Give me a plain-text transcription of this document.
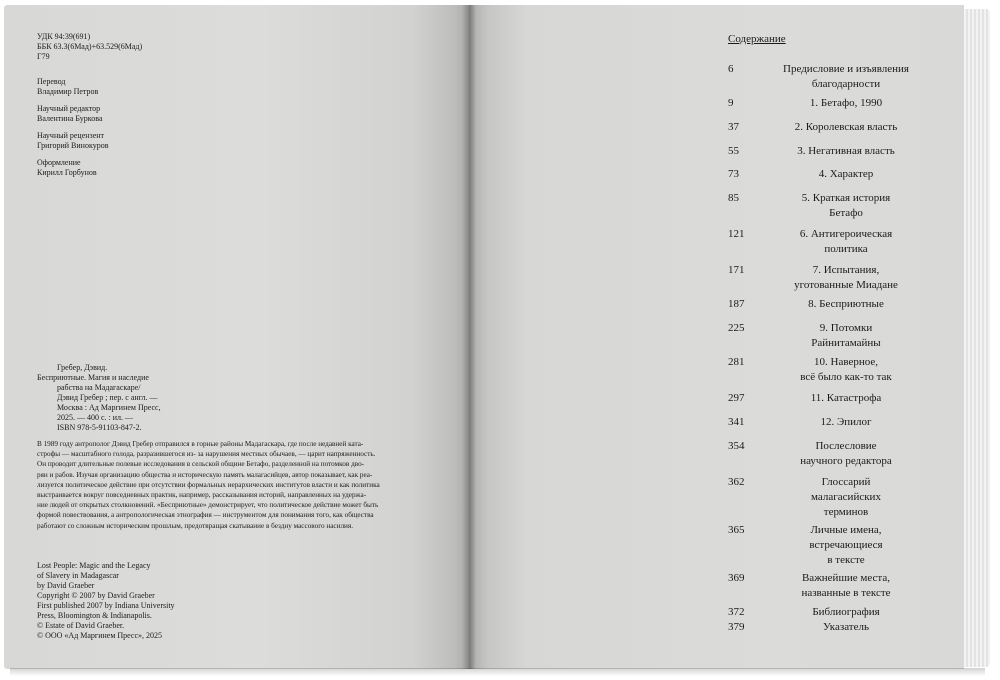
УДК 94:39(691)
ББК 63.3(6Мад)+63.529(6Мад)
Г79
Перевод
Владимир Петров
Научный редактор
Валентина Буркова
Научный рецензент
Григорий Винокуров
Оформление
Кирилл Горбунов
Гребер, Дэвид.
Бесприютные. Магия и наследие
рабства на Мадагаскаре/
Дэвид Гребер ; пер. с англ. —
Москва : Ад Маргинем Пресс,
2025. — 400 с. : ил. —
ISBN 978-5-91103-847-2.
В 1989 году антрополог Дэвид Гребер отправился в горные районы Мадагаскара, где после недавней ката-
строфы — масштабного голода, разразившегося из- за нарушения местных обычаев, — царит напряженность.
Он проводит длительные полевые исследования в сельской общине Бетафо, разделенной на потомков дво-
рян и рабов. Изучая организацию общества и историческую память малагасийцев, автор показывает, как реа-
лизуется политическое действие при отсутствии формальных иерархических институтов власти и как политика
выстраивается вокруг повседневных практик, например, рассказывания историй, направленных на удержа-
ние людей от открытых столкновений. «Бесприютные» демонстрирует, что политическое действие может быть
формой повествования, а антропологическая этнография — инструментом для понимания того, как общества
работают со сложным историческим прошлым, предотвращая скатывание в бездну массового насилия.
Lost People: Magic and the Legacy
of Slavery in Madagascar
by David Graeber
Copyright © 2007 by David Graeber
First published 2007 by Indiana University
Press, Bloomington & Indianapolis.
© Estate of David Graeber.
© ООО «Ад Маргинем Пресс», 2025
Содержание
6	Предисловие и изъявления
благодарности
9	1. Бетафо, 1990
37	2. Королевская власть
55	3. Негативная власть
73	4. Характер
85	5. Краткая история
Бетафо
121	6. Антигероическая
политика
171	7. Испытания,
уготованные Миадане
187	8. Бесприютные
225	9. Потомки
Райнитамайны
281	10. Наверное,
всё было как-то так
297	11. Катастрофа
341	12. Эпилог
354	Послесловие
научного редактора
362	Глоссарий
малагасийских
терминов
365	Личные имена,
встречающиеся
в тексте
369	Важнейшие места,
названные в тексте
372	Библиография
379	Указатель
